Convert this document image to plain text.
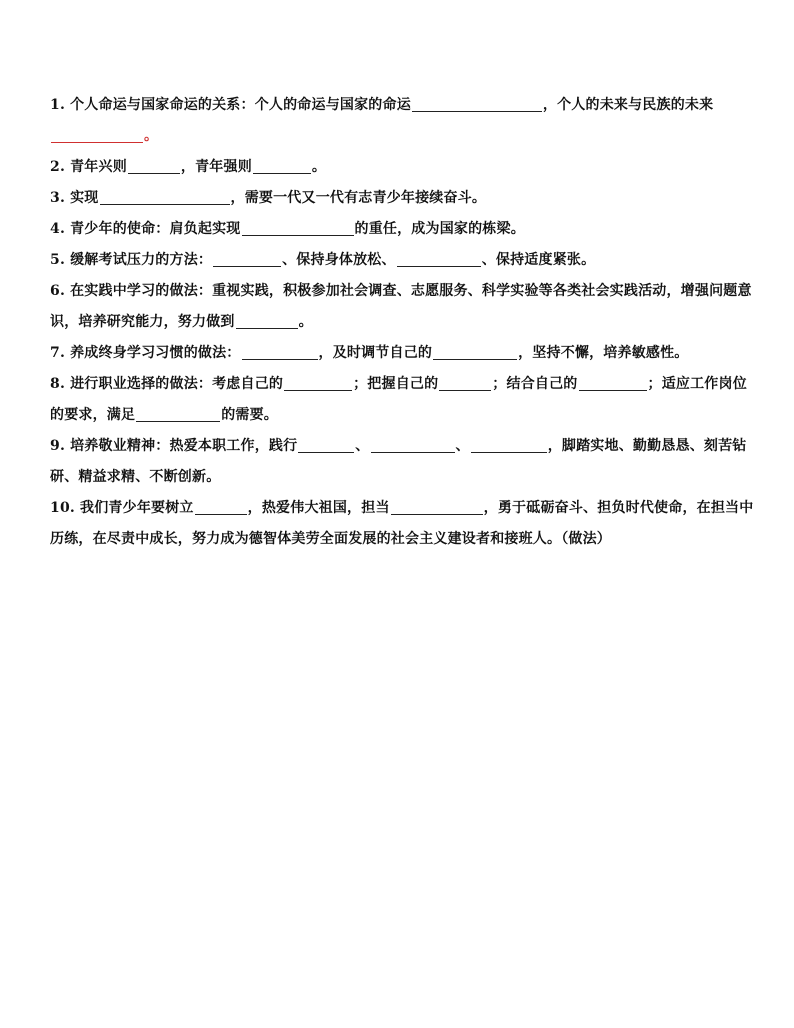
1. 个人命运与国家命运的关系：个人的命运与国家的命运	，个人的未来与民族的未来。
2. 青年兴则	，青年强则	。
3. 实现	，需要一代又一代有志青少年接续奋斗。
4. 青少年的使命：肩负起实现	的重任，成为国家的栋梁。
5. 缓解考试压力的方法：	、保持身体放松、	、保持适度紧张。
6. 在实践中学习的做法：重视实践，积极参加社会调查、志愿服务、科学实验等各类社会实践活动，增强问题意识，培养研究能力，努力做到	。
7. 养成终身学习习惯的做法：	，及时调节自己的	，坚持不懈，培养敏感性。
8. 进行职业选择的做法：考虑自己的	；把握自己的	；结合自己的	；适应工作岗位的要求，满足	的需要。
9. 培养敬业精神：热爱本职工作，践行	、	、	，脚踏实地、勤勤恳恳、刻苦钻研、精益求精、不断创新。
10. 我们青少年要树立	，热爱伟大祖国，担当	，勇于砥砺奋斗、担负时代使命，在担当中历练，在尽责中成长，努力成为德智体美劳全面发展的社会主义建设者和接班人。（做法）
